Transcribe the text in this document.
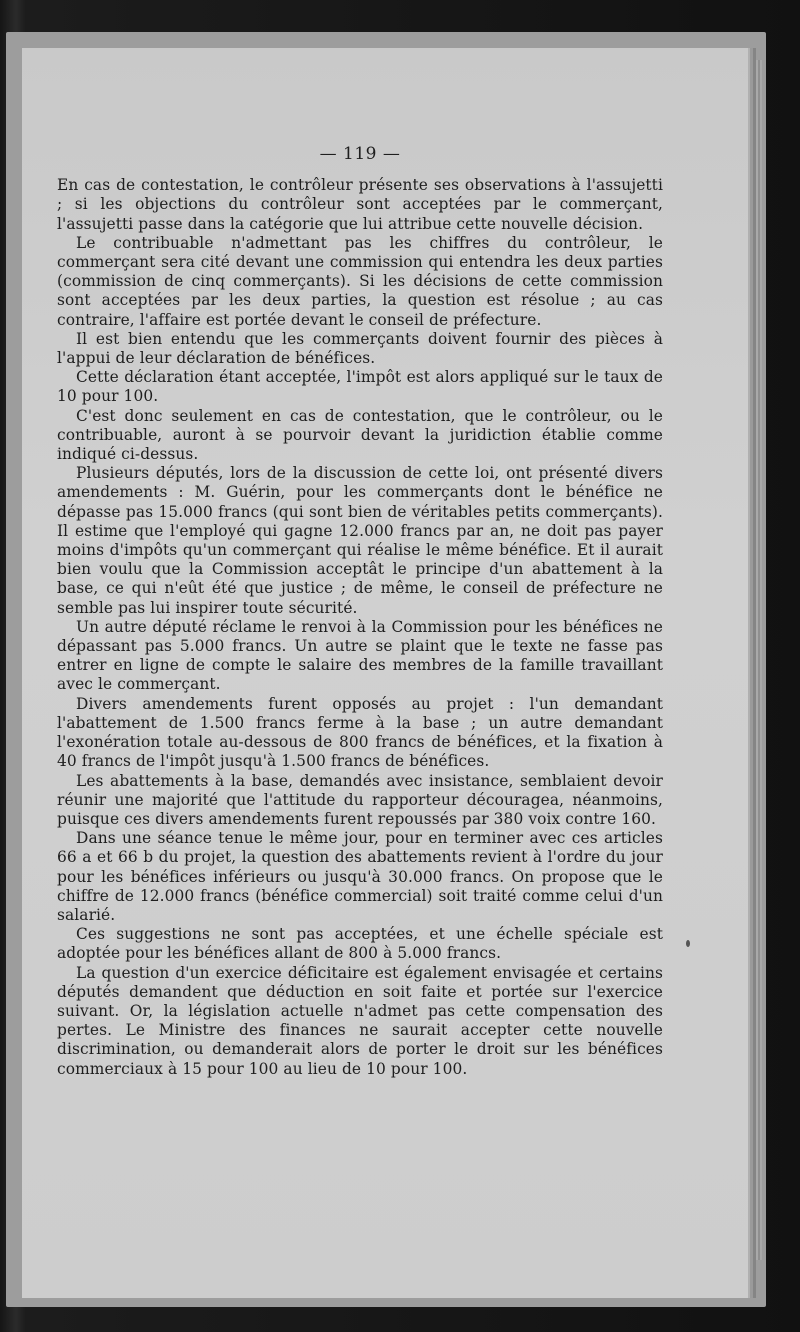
— 119 —

En cas de contestation, le contrôleur présente ses observations à l'assujetti ; si les objections du contrôleur sont acceptées par le commerçant, l'assujetti passe dans la catégorie que lui attribue cette nouvelle décision.

Le contribuable n'admettant pas les chiffres du contrôleur, le commerçant sera cité devant une commission qui entendra les deux parties (commission de cinq commerçants). Si les décisions de cette commission sont acceptées par les deux parties, la question est résolue ; au cas contraire, l'affaire est portée devant le conseil de préfecture.

Il est bien entendu que les commerçants doivent fournir des pièces à l'appui de leur déclaration de bénéfices.

Cette déclaration étant acceptée, l'impôt est alors appliqué sur le taux de 10 pour 100.

C'est donc seulement en cas de contestation, que le contrôleur, ou le contribuable, auront à se pourvoir devant la juridiction établie comme indiqué ci-dessus.

Plusieurs députés, lors de la discussion de cette loi, ont présenté divers amendements : M. Guérin, pour les commerçants dont le bénéfice ne dépasse pas 15.000 francs (qui sont bien de véritables petits commerçants). Il estime que l'employé qui gagne 12.000 francs par an, ne doit pas payer moins d'impôts qu'un commerçant qui réalise le même bénéfice. Et il aurait bien voulu que la Commission acceptât le principe d'un abattement à la base, ce qui n'eût été que justice ; de même, le conseil de préfecture ne semble pas lui inspirer toute sécurité.

Un autre député réclame le renvoi à la Commission pour les bénéfices ne dépassant pas 5.000 francs. Un autre se plaint que le texte ne fasse pas entrer en ligne de compte le salaire des membres de la famille travaillant avec le commerçant.

Divers amendements furent opposés au projet : l'un demandant l'abattement de 1.500 francs ferme à la base ; un autre demandant l'exonération totale au-dessous de 800 francs de bénéfices, et la fixation à 40 francs de l'impôt jusqu'à 1.500 francs de bénéfices.

Les abattements à la base, demandés avec insistance, semblaient devoir réunir une majorité que l'attitude du rapporteur découragea, néanmoins, puisque ces divers amendements furent repoussés par 380 voix contre 160.

Dans une séance tenue le même jour, pour en terminer avec ces articles 66 a et 66 b du projet, la question des abattements revient à l'ordre du jour pour les bénéfices inférieurs ou jusqu'à 30.000 francs. On propose que le chiffre de 12.000 francs (bénéfice commercial) soit traité comme celui d'un salarié.

Ces suggestions ne sont pas acceptées, et une échelle spéciale est adoptée pour les bénéfices allant de 800 à 5.000 francs.

La question d'un exercice déficitaire est également envisagée et certains députés demandent que déduction en soit faite et portée sur l'exercice suivant. Or, la législation actuelle n'admet pas cette compensation des pertes. Le Ministre des finances ne saurait accepter cette nouvelle discrimination, ou demanderait alors de porter le droit sur les bénéfices commerciaux à 15 pour 100 au lieu de 10 pour 100.
